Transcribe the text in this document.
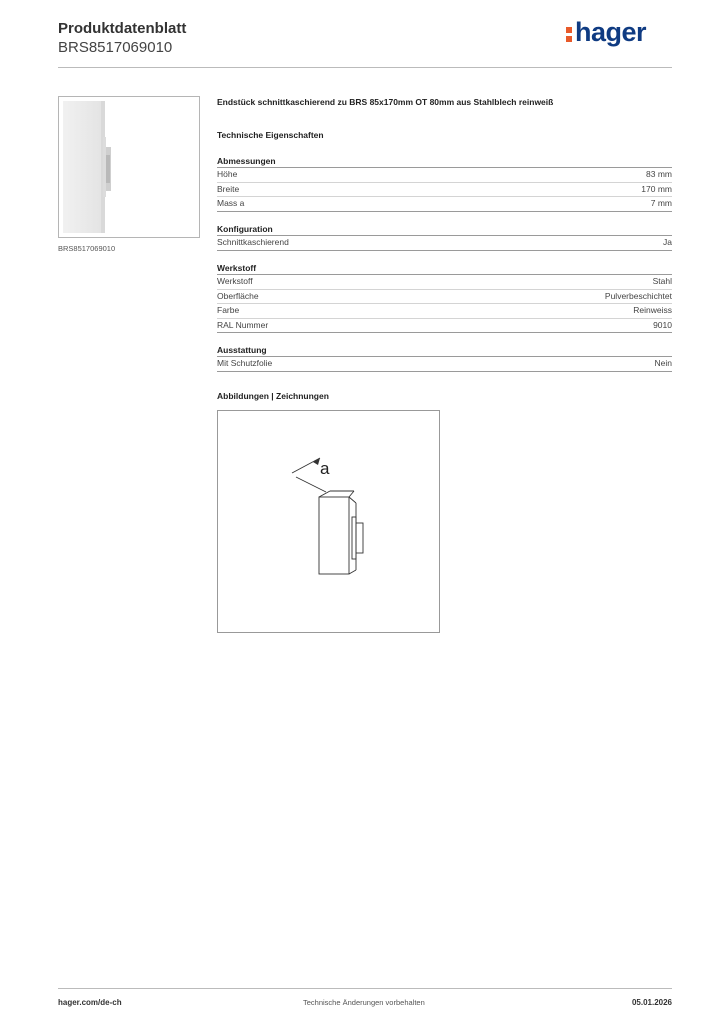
Produktdatenblatt
BRS8517069010
hager
BRS8517069010
Endstück schnittkaschierend zu BRS 85x170mm OT 80mm aus Stahlblech reinweiß
Technische Eigenschaften
Abmessungen
Höhe	83 mm
Breite	170 mm
Mass a	7 mm
Konfiguration
Schnittkaschierend	Ja
Werkstoff
Werkstoff	Stahl
Oberfläche	Pulverbeschichtet
Farbe	Reinweiss
RAL Nummer	9010
Ausstattung
Mit Schutzfolie	Nein
Abbildungen | Zeichnungen
a
hager.com/de-ch	Technische Änderungen vorbehalten	05.01.2026
